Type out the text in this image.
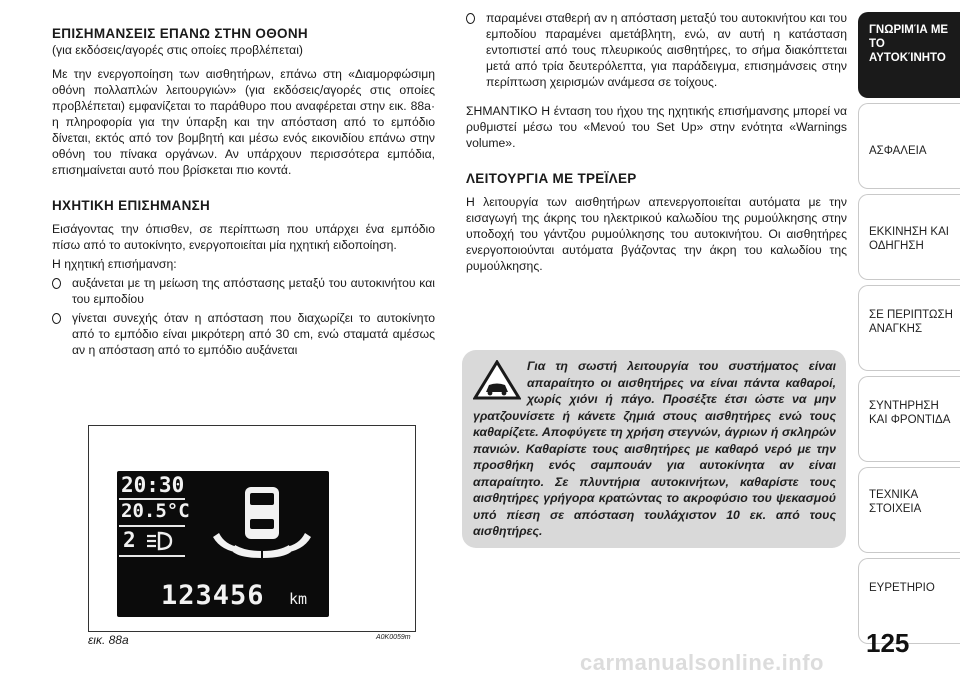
ΕΠΙΣΗΜΑΝΣΕΙΣ ΕΠΑΝΩ ΣΤΗΝ ΟΘΟΝΗ
(για εκδόσεις/αγορές στις οποίες προβλέπεται)

Με την ενεργοποίηση των αισθητήρων, επάνω στη «Διαμορφώσιμη οθόνη πολλαπλών λειτουργιών» (για εκδόσεις/αγορές στις οποίες προβλέπεται) εμφανίζεται το παράθυρο που αναφέρεται στην εικ. 88a· η πληροφορία για την ύπαρξη και την απόσταση από το εμπόδιο δίνεται, εκτός από τον βομβητή και μέσω ενός εικονιδίου επάνω στην οθόνη του πίνακα οργάνων. Αν υπάρχουν περισσότερα εμπόδια, επισημαίνεται αυτό που βρίσκεται πιο κοντά.

ΗΧΗΤΙΚΗ ΕΠΙΣΗΜΑΝΣΗ

Εισάγοντας την όπισθεν, σε περίπτωση που υπάρχει ένα εμπόδιο πίσω από το αυτοκίνητο, ενεργοποιείται μία ηχητική ειδοποίηση.

Η ηχητική επισήμανση:

αυξάνεται με τη μείωση της απόστασης μεταξύ του αυτοκινήτου και του εμποδίου
γίνεται συνεχής όταν η απόσταση που διαχωρίζει το αυτοκίνητο από το εμπόδιο είναι μικρότερη από 30 cm, ενώ σταματά αμέσως αν η απόσταση από το εμπόδιο αυξάνεται
20:30
20.5°C
2
123456 km
εικ. 88a	A0K0059m
παραμένει σταθερή αν η απόσταση μεταξύ του αυτοκινήτου και του εμποδίου παραμένει αμετάβλητη, ενώ, αν αυτή η κατάσταση εντοπιστεί από τους πλευρικούς αισθητήρες, το σήμα διακόπτεται μετά από τρία δευτερόλεπτα, για παράδειγμα, επισημάνσεις στην περίπτωση χειρισμών ανάμεσα σε τοίχους.

ΣΗΜΑΝΤΙΚΟ Η ένταση του ήχου της ηχητικής επισήμανσης μπορεί να ρυθμιστεί μέσω του «Μενού του Set Up» στην ενότητα «Warnings volume».

ΛΕΙΤΟΥΡΓΙΑ ΜΕ ΤΡΕΪΛΕΡ

Η λειτουργία των αισθητήρων απενεργοποιείται αυτόματα με την εισαγωγή της άκρης του ηλεκτρικού καλωδίου της ρυμούλκησης στην υποδοχή του γάντζου ρυμούλκησης του αυτοκινήτου. Οι αισθητήρες ενεργοποιούνται αυτόματα βγάζοντας την άκρη του καλωδίου της ρυμούλκησης.

Για τη σωστή λειτουργία του συστήματος είναι απαραίτητο οι αισθητήρες να είναι πάντα καθαροί, χωρίς χιόνι ή πάγο. Προσέξτε έτσι ώστε να μην γρατζουνίσετε ή κάνετε ζημιά στους αισθητήρες ενώ τους καθαρίζετε. Αποφύγετε τη χρήση στεγνών, άγριων ή σκληρών πανιών. Καθαρίστε τους αισθητήρες με καθαρό νερό με την προσθήκη ενός σαμπουάν για αυτοκίνητα αν είναι απαραίτητο. Σε πλυντήρια αυτοκινήτων, καθαρίστε τους αισθητήρες γρήγορα κρατώντας το ακροφύσιο του ψεκασμού υπό πίεση σε απόσταση τουλάχιστον 10 εκ. από τους αισθητήρες.

ΓΝΩΡΙΜΊΑ ΜΕ ΤΟ ΑΥΤΟΚΊΝΗΤΟ
ΑΣΦΑΛΕΙΑ
ΕΚΚΙΝΗΣΗ ΚΑΙ ΟΔΗΓΗΣΗ
ΣΕ ΠΕΡΙΠΤΩΣΗ ΑΝΑΓΚΗΣ
ΣΥΝΤΗΡΗΣΗ ΚΑΙ ΦΡΟΝΤΙΔΑ
ΤΕΧΝΙΚΑ ΣΤΟΙΧΕΙΑ
ΕΥΡΕΤΗΡΙΟ
125
carmanualsonline.info
